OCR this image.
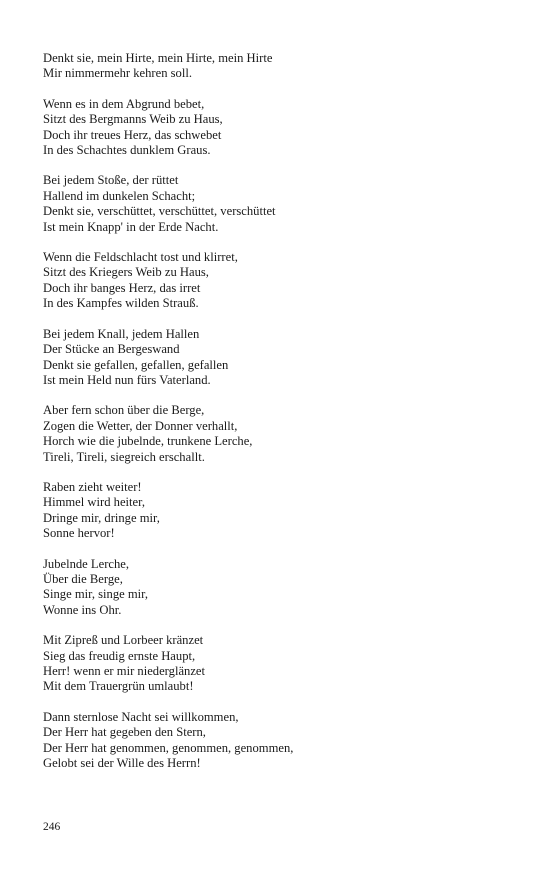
Denkt sie, mein Hirte, mein Hirte, mein Hirte
Mir nimmermehr kehren soll.
Wenn es in dem Abgrund bebet,
Sitzt des Bergmanns Weib zu Haus,
Doch ihr treues Herz, das schwebet
In des Schachtes dunklem Graus.
Bei jedem Stoße, der rüttet
Hallend im dunkelen Schacht;
Denkt sie, verschüttet, verschüttet, verschüttet
Ist mein Knapp' in der Erde Nacht.
Wenn die Feldschlacht tost und klirret,
Sitzt des Kriegers Weib zu Haus,
Doch ihr banges Herz, das irret
In des Kampfes wilden Strauß.
Bei jedem Knall, jedem Hallen
Der Stücke an Bergeswand
Denkt sie gefallen, gefallen, gefallen
Ist mein Held nun fürs Vaterland.
Aber fern schon über die Berge,
Zogen die Wetter, der Donner verhallt,
Horch wie die jubelnde, trunkene Lerche,
Tireli, Tireli, siegreich erschallt.
Raben zieht weiter!
Himmel wird heiter,
Dringe mir, dringe mir,
Sonne hervor!
Jubelnde Lerche,
Über die Berge,
Singe mir, singe mir,
Wonne ins Ohr.
Mit Zipreß und Lorbeer kränzet
Sieg das freudig ernste Haupt,
Herr! wenn er mir niederglänzet
Mit dem Trauergrün umlaubt!
Dann sternlose Nacht sei willkommen,
Der Herr hat gegeben den Stern,
Der Herr hat genommen, genommen, genommen,
Gelobt sei der Wille des Herrn!
246
